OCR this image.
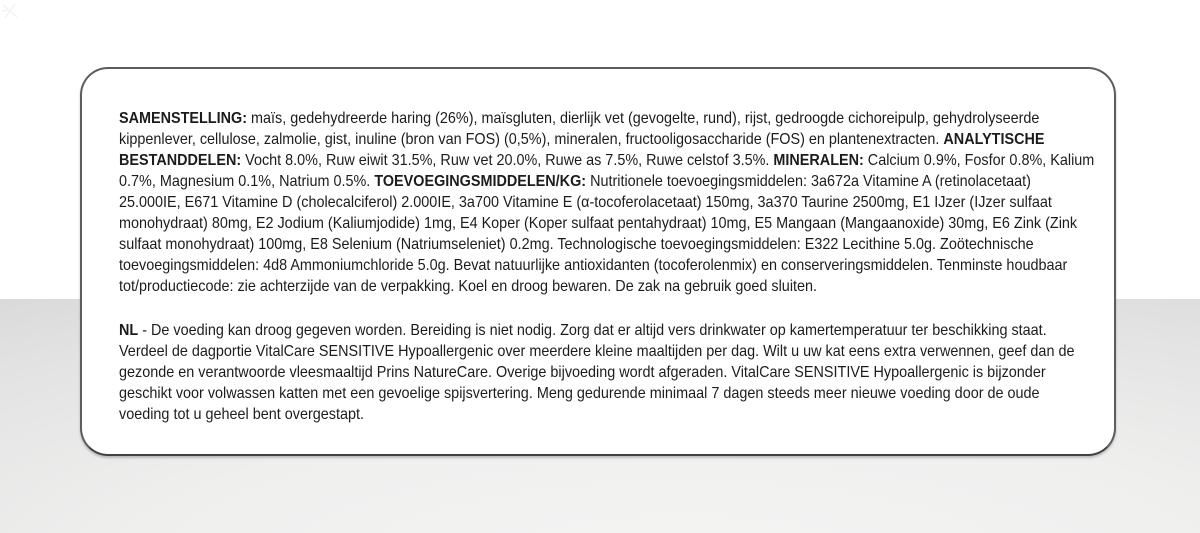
SAMENSTELLING: maïs, gedehydreerde haring (26%), maïsgluten, dierlijk vet (gevogelte, rund), rijst, gedroogde cichoreipulp, gehydrolyseerde
kippenlever, cellulose, zalmolie, gist, inuline (bron van FOS) (0,5%), mineralen, fructooligosaccharide (FOS) en plantenextracten. ANALYTISCHE
BESTANDDELEN: Vocht 8.0%, Ruw eiwit 31.5%, Ruw vet 20.0%, Ruwe as 7.5%, Ruwe celstof 3.5%. MINERALEN: Calcium 0.9%, Fosfor 0.8%, Kalium
0.7%, Magnesium 0.1%, Natrium 0.5%. TOEVOEGINGSMIDDELEN/KG: Nutritionele toevoegingsmiddelen: 3a672a Vitamine A (retinolacetaat)
25.000IE, E671 Vitamine D (cholecalciferol) 2.000IE, 3a700 Vitamine E (α-tocoferolacetaat) 150mg, 3a370 Taurine 2500mg, E1 IJzer (IJzer sulfaat
monohydraat) 80mg, E2 Jodium (Kaliumjodide) 1mg, E4 Koper (Koper sulfaat pentahydraat) 10mg, E5 Mangaan (Mangaanoxide) 30mg, E6 Zink (Zink
sulfaat monohydraat) 100mg, E8 Selenium (Natriumseleniet) 0.2mg. Technologische toevoegingsmiddelen: E322 Lecithine 5.0g. Zoötechnische
toevoegingsmiddelen: 4d8 Ammoniumchloride 5.0g. Bevat natuurlijke antioxidanten (tocoferolenmix) en conserveringsmiddelen. Tenminste houdbaar
tot/productiecode: zie achterzijde van de verpakking. Koel en droog bewaren. De zak na gebruik goed sluiten.
NL - De voeding kan droog gegeven worden. Bereiding is niet nodig. Zorg dat er altijd vers drinkwater op kamertemperatuur ter beschikking staat.
Verdeel de dagportie VitalCare SENSITIVE Hypoallergenic over meerdere kleine maaltijden per dag. Wilt u uw kat eens extra verwennen, geef dan de
gezonde en verantwoorde vleesmaaltijd Prins NatureCare. Overige bijvoeding wordt afgeraden. VitalCare SENSITIVE Hypoallergenic is bijzonder
geschikt voor volwassen katten met een gevoelige spijsvertering. Meng gedurende minimaal 7 dagen steeds meer nieuwe voeding door de oude
voeding tot u geheel bent overgestapt.
